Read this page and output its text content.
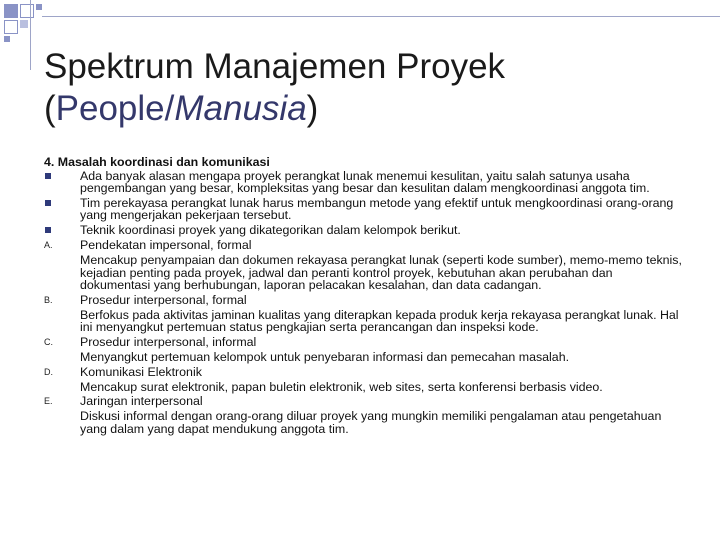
Spektrum Manajemen Proyek
(People/Manusia)
4. Masalah koordinasi dan komunikasi
Ada banyak alasan mengapa proyek perangkat lunak menemui kesulitan, yaitu salah satunya usaha pengembangan yang besar, kompleksitas yang besar dan kesulitan dalam mengkoordinasi anggota tim.
Tim perekayasa perangkat lunak harus membangun metode yang efektif untuk mengkoordinasi orang-orang yang mengerjakan pekerjaan tersebut.
Teknik koordinasi proyek yang dikategorikan dalam kelompok berikut.
A.	Pendekatan impersonal, formal
Mencakup penyampaian dan dokumen rekayasa perangkat lunak (seperti kode sumber), memo-memo teknis, kejadian penting pada proyek, jadwal dan peranti kontrol proyek, kebutuhan akan perubahan dan dokumentasi yang berhubungan, laporan pelacakan kesalahan, dan data cadangan.
B.	Prosedur interpersonal, formal
Berfokus pada aktivitas jaminan kualitas yang diterapkan kepada produk kerja rekayasa perangkat lunak. Hal ini menyangkut pertemuan status pengkajian serta perancangan dan inspeksi kode.
C.	Prosedur interpersonal, informal
Menyangkut pertemuan kelompok untuk penyebaran informasi dan pemecahan masalah.
D.	Komunikasi Elektronik
Mencakup surat elektronik, papan buletin elektronik, web sites, serta konferensi berbasis video.
E.	Jaringan interpersonal
Diskusi informal dengan orang-orang diluar proyek yang mungkin memiliki pengalaman atau pengetahuan yang dalam yang dapat mendukung anggota tim.
